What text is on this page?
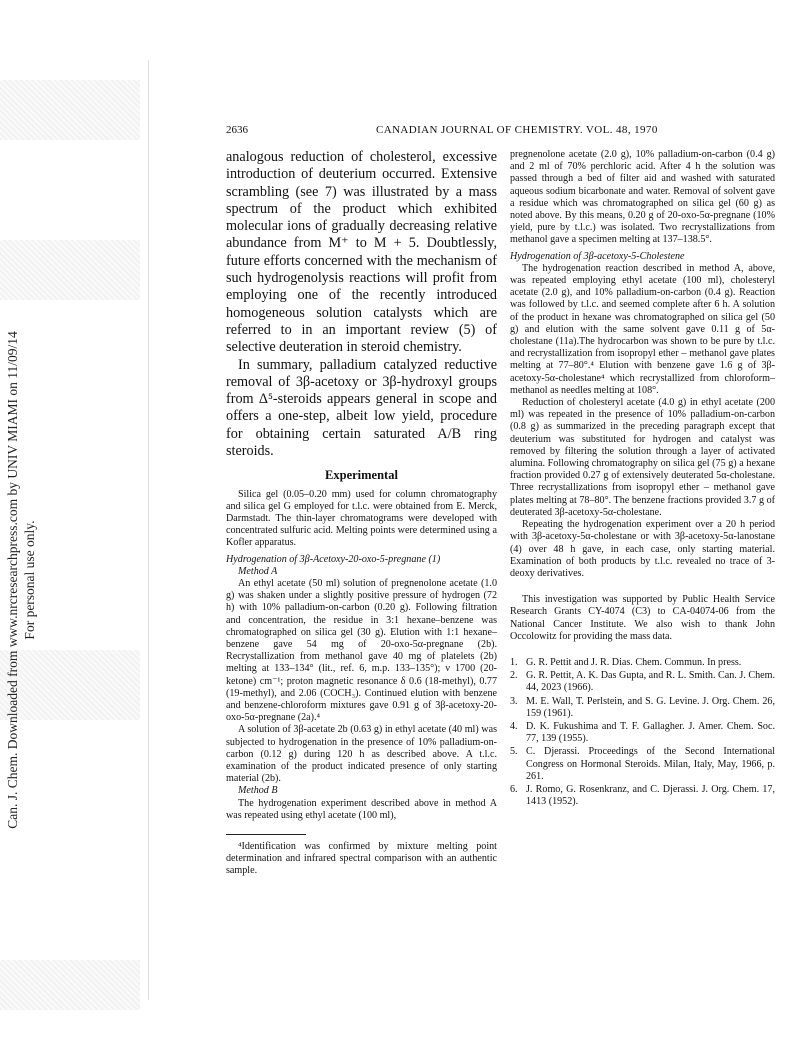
Can. J. Chem. Downloaded from www.nrcresearchpress.com by UNIV MIAMI on 11/09/14 For personal use only.
2636	CANADIAN JOURNAL OF CHEMISTRY. VOL. 48, 1970

analogous reduction of cholesterol, excessive introduction of deuterium occurred. Extensive scrambling (see 7) was illustrated by a mass spectrum of the product which exhibited molecular ions of gradually decreasing relative abundance from M⁺ to M + 5. Doubtlessly, future efforts concerned with the mechanism of such hydrogenolysis reactions will profit from employing one of the recently introduced homogeneous solution catalysts which are referred to in an important review (5) of selective deuteration in steroid chemistry.

In summary, palladium catalyzed reductive removal of 3β-acetoxy or 3β-hydroxyl groups from Δ⁵-steroids appears general in scope and offers a one-step, albeit low yield, procedure for obtaining certain saturated A/B ring steroids.

Experimental

Silica gel (0.05–0.20 mm) used for column chromatography and silica gel G employed for t.l.c. were obtained from E. Merck, Darmstadt. The thin-layer chromatograms were developed with concentrated sulfuric acid. Melting points were determined using a Kofler apparatus.

Hydrogenation of 3β-Acetoxy-20-oxo-5-pregnane (1)

Method A

An ethyl acetate (50 ml) solution of pregnenolone acetate (1.0 g) was shaken under a slightly positive pressure of hydrogen (72 h) with 10% palladium-on-carbon (0.20 g). Following filtration and concentration, the residue in 3:1 hexane–benzene was chromatographed on silica gel (30 g). Elution with 1:1 hexane–benzene gave 54 mg of 20-oxo-5α-pregnane (2b). Recrystallization from methanol gave 40 mg of platelets (2b) melting at 133–134° (lit., ref. 6, m.p. 133–135°); ν 1700 (20-ketone) cm⁻¹; proton magnetic resonance δ 0.6 (18-methyl), 0.77 (19-methyl), and 2.06 (COCH₃). Continued elution with benzene and benzene-chloroform mixtures gave 0.91 g of 3β-acetoxy-20-oxo-5α-pregnane (2a).⁴

A solution of 3β-acetate 2b (0.63 g) in ethyl acetate (40 ml) was subjected to hydrogenation in the presence of 10% palladium-on-carbon (0.12 g) during 120 h as described above. A t.l.c. examination of the product indicated presence of only starting material (2b).

Method B

The hydrogenation experiment described above in method A was repeated using ethyl acetate (100 ml),

⁴Identification was confirmed by mixture melting point determination and infrared spectral comparison with an authentic sample.

pregnenolone acetate (2.0 g), 10% palladium-on-carbon (0.4 g) and 2 ml of 70% perchloric acid. After 4 h the solution was passed through a bed of filter aid and washed with saturated aqueous sodium bicarbonate and water. Removal of solvent gave a residue which was chromatographed on silica gel (60 g) as noted above. By this means, 0.20 g of 20-oxo-5α-pregnane (10% yield, pure by t.l.c.) was isolated. Two recrystallizations from methanol gave a specimen melting at 137–138.5°.

Hydrogenation of 3β-acetoxy-5-Cholestene

The hydrogenation reaction described in method A, above, was repeated employing ethyl acetate (100 ml), cholesteryl acetate (2.0 g), and 10% palladium-on-carbon (0.4 g). Reaction was followed by t.l.c. and seemed complete after 6 h. A solution of the product in hexane was chromatographed on silica gel (50 g) and elution with the same solvent gave 0.11 g of 5α-cholestane (11a).The hydrocarbon was shown to be pure by t.l.c. and recrystallization from isopropyl ether – methanol gave plates melting at 77–80°.⁴ Elution with benzene gave 1.6 g of 3β-acetoxy-5α-cholestane⁴ which recrystallized from chloroform–methanol as needles melting at 108°.

Reduction of cholesteryl acetate (4.0 g) in ethyl acetate (200 ml) was repeated in the presence of 10% palladium-on-carbon (0.8 g) as summarized in the preceding paragraph except that deuterium was substituted for hydrogen and catalyst was removed by filtering the solution through a layer of activated alumina. Following chromatography on silica gel (75 g) a hexane fraction provided 0.27 g of extensively deuterated 5α-cholestane. Three recrystallizations from isopropyl ether – methanol gave plates melting at 78–80°. The benzene fractions provided 3.7 g of deuterated 3β-acetoxy-5α-cholestane.

Repeating the hydrogenation experiment over a 20 h period with 3β-acetoxy-5α-cholestane or with 3β-acetoxy-5α-lanostane (4) over 48 h gave, in each case, only starting material. Examination of both products by t.l.c. revealed no trace of 3-deoxy derivatives.

This investigation was supported by Public Health Service Research Grants CY-4074 (C3) to CA-04074-06 from the National Cancer Institute. We also wish to thank John Occolowitz for providing the mass data.

1. G. R. Pettit and J. R. Dias. Chem. Commun. In press.
2. G. R. Pettit, A. K. Das Gupta, and R. L. Smith. Can. J. Chem. 44, 2023 (1966).
3. M. E. Wall, T. Perlstein, and S. G. Levine. J. Org. Chem. 26, 159 (1961).
4. D. K. Fukushima and T. F. Gallagher. J. Amer. Chem. Soc. 77, 139 (1955).
5. C. Djerassi. Proceedings of the Second International Congress on Hormonal Steroids. Milan, Italy, May, 1966, p. 261.
6. J. Romo, G. Rosenkranz, and C. Djerassi. J. Org. Chem. 17, 1413 (1952).
